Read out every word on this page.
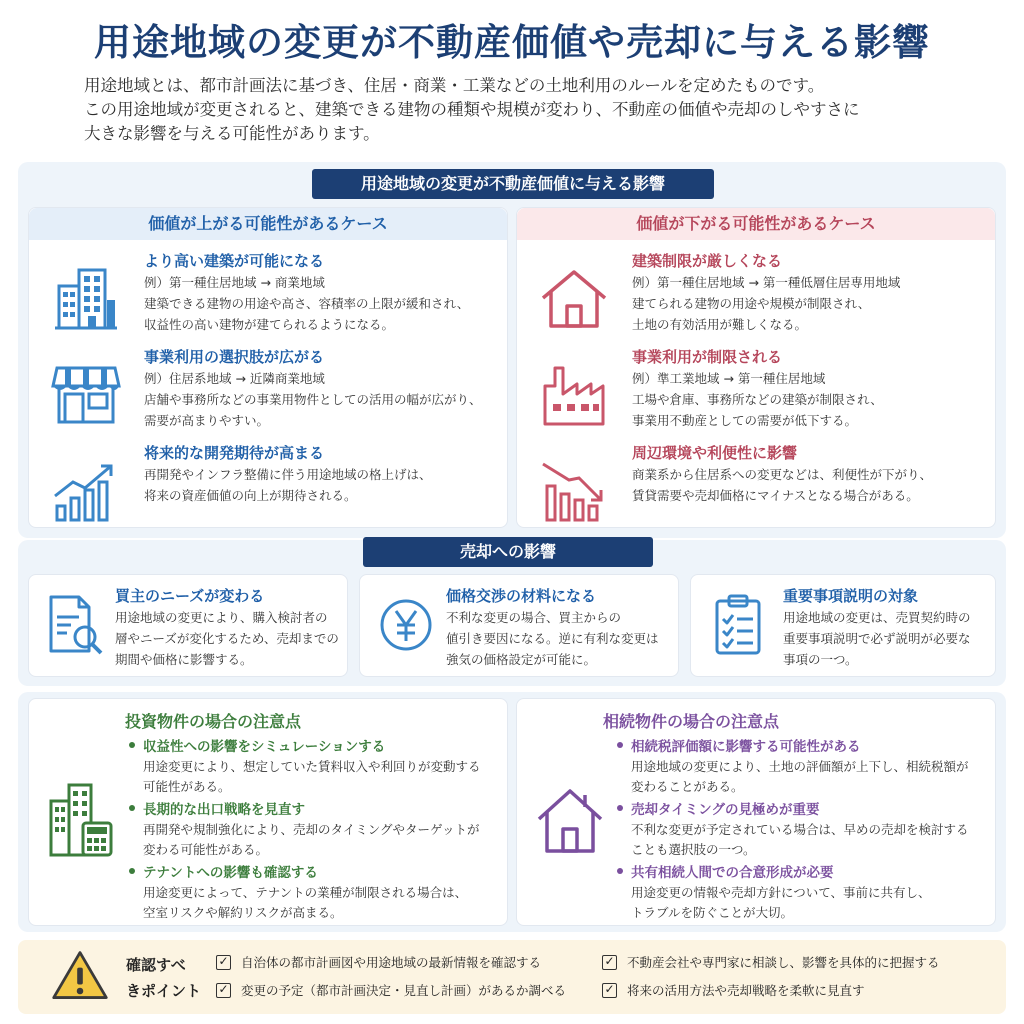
用途地域の変更が不動産価値や売却に与える影響
用途地域とは、都市計画法に基づき、住居・商業・工業などの土地利用のルールを定めたものです。
この用途地域が変更されると、建築できる建物の種類や規模が変わり、不動産の価値や売却のしやすさに
大きな影響を与える可能性があります。
用途地域の変更が不動産価値に与える影響
価値が上がる可能性があるケース
より高い建築が可能になる
例）第一種住居地域 → 商業地域
建築できる建物の用途や高さ、容積率の上限が緩和され、
収益性の高い建物が建てられるようになる。
事業利用の選択肢が広がる
例）住居系地域 → 近隣商業地域
店舗や事務所などの事業用物件としての活用の幅が広がり、
需要が高まりやすい。
将来的な開発期待が高まる
再開発やインフラ整備に伴う用途地域の格上げは、
将来の資産価値の向上が期待される。
価値が下がる可能性があるケース
建築制限が厳しくなる
例）第一種住居地域 → 第一種低層住居専用地域
建てられる建物の用途や規模が制限され、
土地の有効活用が難しくなる。
事業利用が制限される
例）準工業地域 → 第一種住居地域
工場や倉庫、事務所などの建築が制限され、
事業用不動産としての需要が低下する。
周辺環境や利便性に影響
商業系から住居系への変更などは、利便性が下がり、
賃貸需要や売却価格にマイナスとなる場合がある。
売却への影響
買主のニーズが変わる
用途地域の変更により、購入検討者の
層やニーズが変化するため、売却までの
期間や価格に影響する。
価格交渉の材料になる
不利な変更の場合、買主からの
値引き要因になる。逆に有利な変更は
強気の価格設定が可能に。
重要事項説明の対象
用途地域の変更は、売買契約時の
重要事項説明で必ず説明が必要な
事項の一つ。
投資物件の場合の注意点
収益性への影響をシミュレーションする
用途変更により、想定していた賃料収入や利回りが変動する
可能性がある。
長期的な出口戦略を見直す
再開発や規制強化により、売却のタイミングやターゲットが
変わる可能性がある。
テナントへの影響も確認する
用途変更によって、テナントの業種が制限される場合は、
空室リスクや解約リスクが高まる。
相続物件の場合の注意点
相続税評価額に影響する可能性がある
用途地域の変更により、土地の評価額が上下し、相続税額が
変わることがある。
売却タイミングの見極めが重要
不利な変更が予定されている場合は、早めの売却を検討する
ことも選択肢の一つ。
共有相続人間での合意形成が必要
用途変更の情報や売却方針について、事前に共有し、
トラブルを防ぐことが大切。
確認すべ
きポイント
✓ 自治体の都市計画図や用途地域の最新情報を確認する
✓ 変更の予定（都市計画決定・見直し計画）があるか調べる
✓ 不動産会社や専門家に相談し、影響を具体的に把握する
✓ 将来の活用方法や売却戦略を柔軟に見直す
